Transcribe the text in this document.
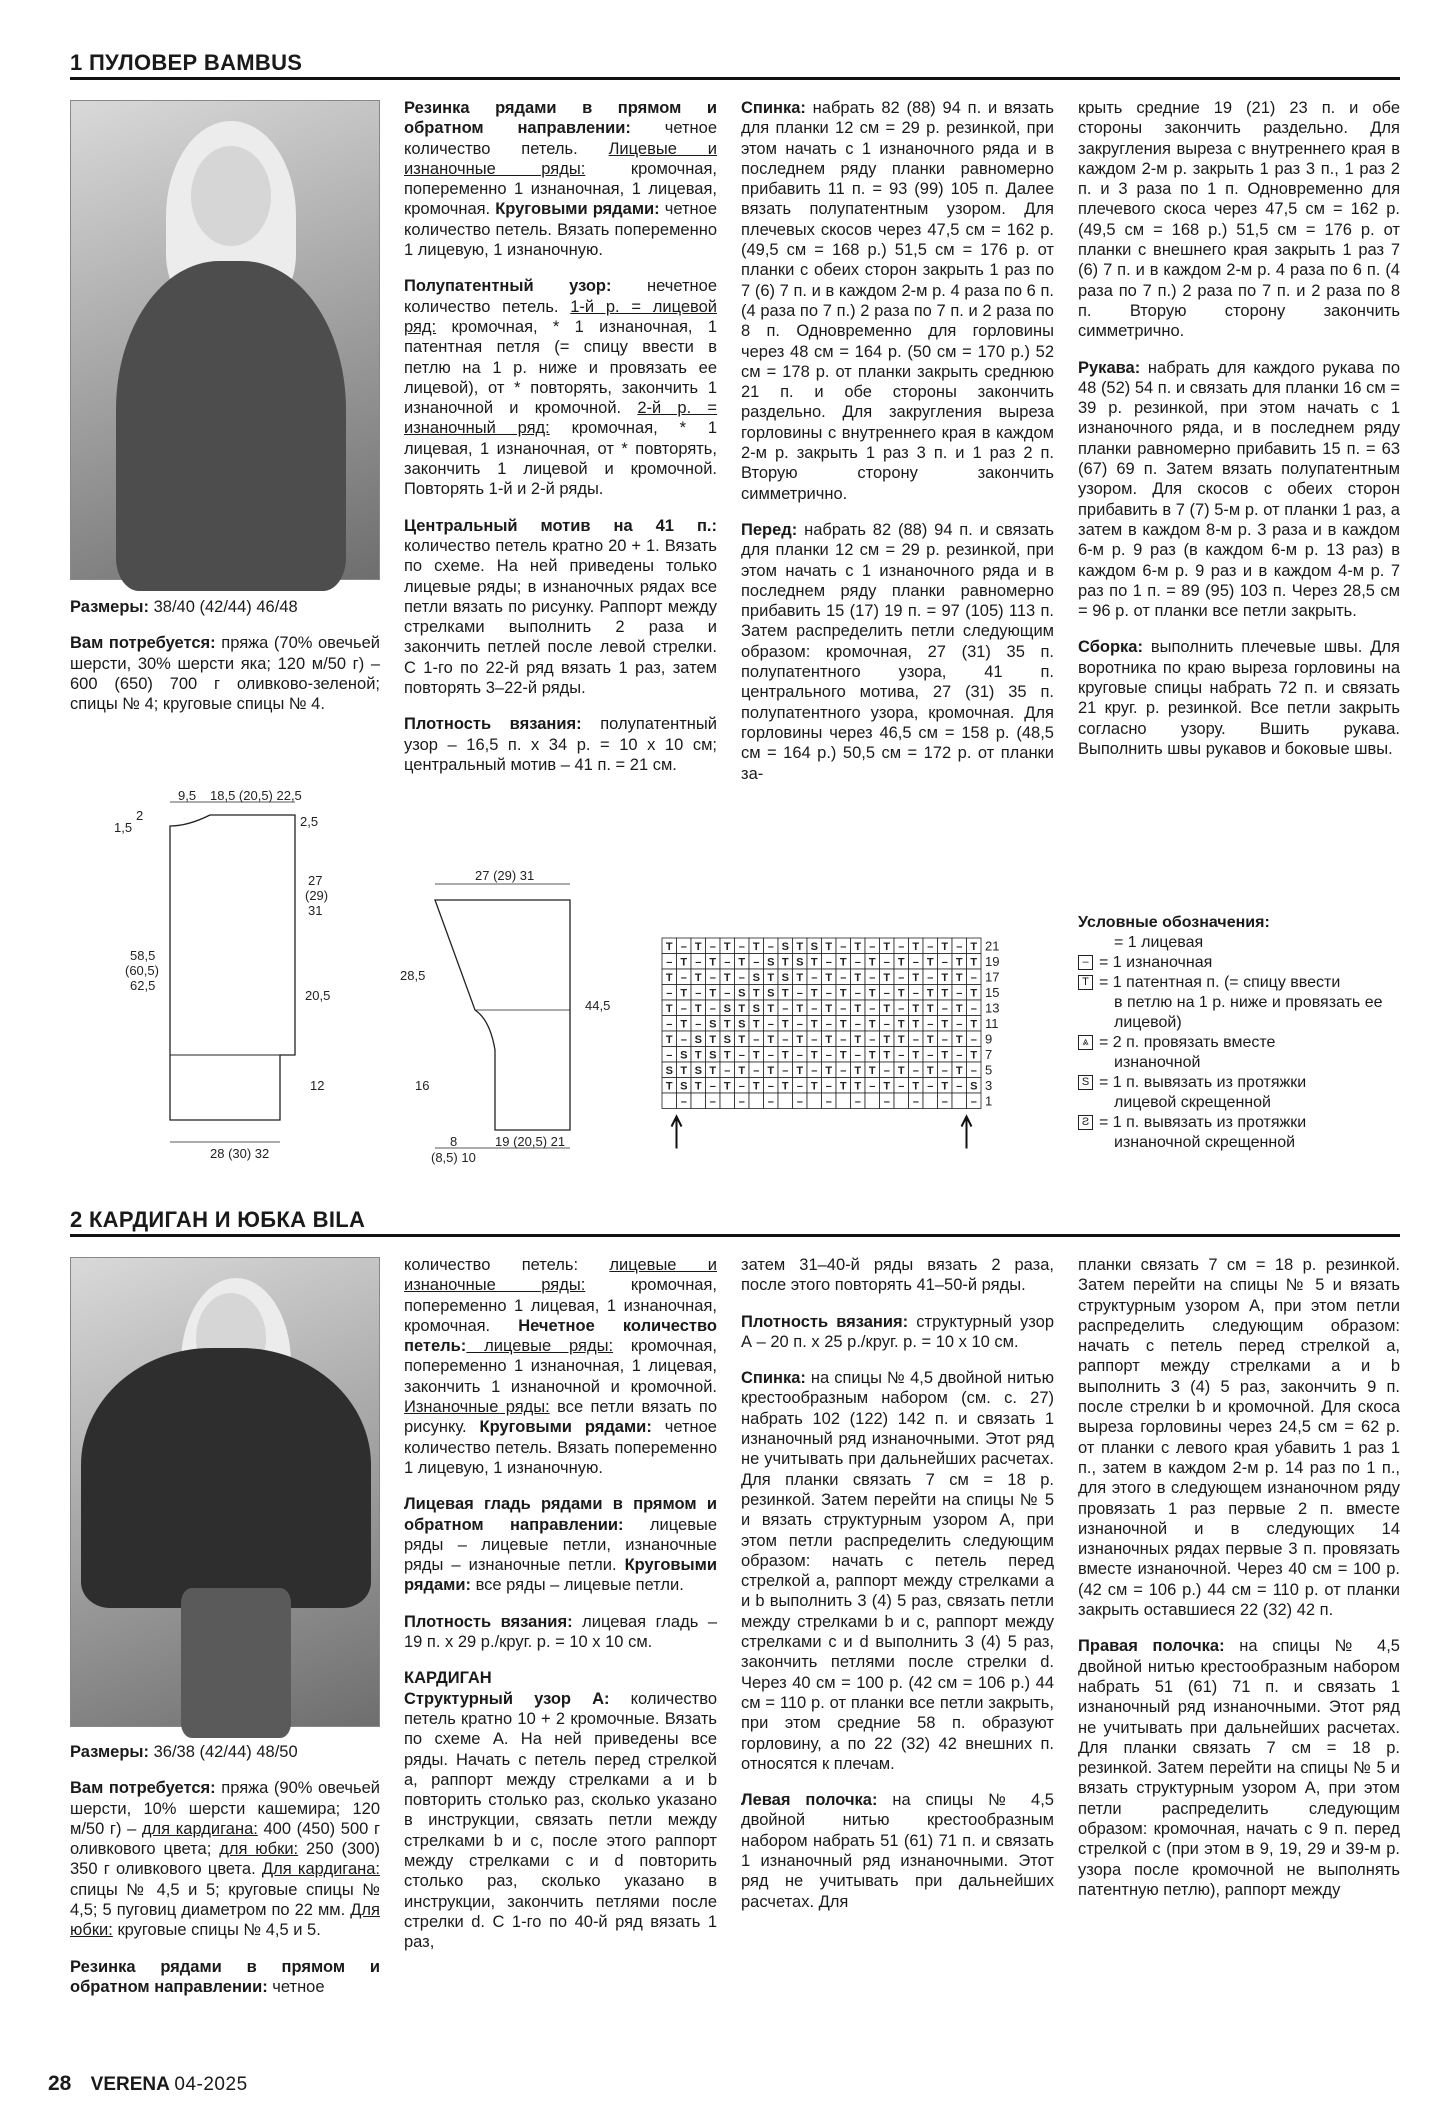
1 ПУЛОВЕР BAMBUS

Размеры: 38/40 (42/44) 46/48

Вам потребуется: пряжа (70% овечьей шерсти, 30% шерсти яка; 120 м/50 г) – 600 (650) 700 г оливково-зеленой; спицы № 4; круговые спицы № 4.

9,5 18,5 (20,5) 22,5
2
1,5	2,5
27
(29)
31
20,5
12
58,5
(60,5)
62,5
28 (30) 32

Резинка рядами в прямом и обратном направлении: четное количество петель. Лицевые и изнаночные ряды: кромочная, попеременно 1 изнаночная, 1 лицевая, кромочная. Круговыми рядами: четное количество петель. Вязать попеременно 1 лицевую, 1 изнаночную.

Полупатентный узор: нечетное количество петель. 1-й р. = лицевой ряд: кромочная, * 1 изнаночная, 1 патентная петля (= спицу ввести в петлю на 1 р. ниже и провязать ее лицевой), от * повторять, закончить 1 изнаночной и кромочной. 2-й р. = изнаночный ряд: кромочная, * 1 лицевая, 1 изнаночная, от * повторять, закончить 1 лицевой и кромочной. Повторять 1-й и 2-й ряды.

Центральный мотив на 41 п.: количество петель кратно 20 + 1. Вязать по схеме. На ней приведены только лицевые ряды; в изнаночных рядах все петли вязать по рисунку. Раппорт между стрелками выполнить 2 раза и закончить петлей после левой стрелки. С 1-го по 22-й ряд вязать 1 раз, затем повторять 3–22-й ряды.

Плотность вязания: полупатентный узор – 16,5 п. х 34 р. = 10 х 10 см; центральный мотив – 41 п. = 21 см.

27 (29) 31
28,5
16
44,5
8
(8,5) 10
19 (20,5) 21

Спинка: набрать 82 (88) 94 п. и вязать для планки 12 см = 29 р. резинкой, при этом начать с 1 изнаночного ряда и в последнем ряду планки равномерно прибавить 11 п. = 93 (99) 105 п. Далее вязать полупатентным узором. Для плечевых скосов через 47,5 см = 162 р. (49,5 см = 168 р.) 51,5 см = 176 р. от планки с обеих сторон закрыть 1 раз по 7 (6) 7 п. и в каждом 2-м р. 4 раза по 6 п. (4 раза по 7 п.) 2 раза по 7 п. и 2 раза по 8 п. Одновременно для горловины через 48 см = 164 р. (50 см = 170 р.) 52 см = 178 р. от планки закрыть среднюю 21 п. и обе стороны закончить раздельно. Для закругления выреза горловины с внутреннего края в каждом 2-м р. закрыть 1 раз 3 п. и 1 раз 2 п. Вторую сторону закончить симметрично.

Перед: набрать 82 (88) 94 п. и связать для планки 12 см = 29 р. резинкой, при этом начать с 1 изнаночного ряда и в последнем ряду планки равномерно прибавить 15 (17) 19 п. = 97 (105) 113 п. Затем распределить петли следующим образом: кромочная, 27 (31) 35 п. полупатентного узора, 41 п. центрального мотива, 27 (31) 35 п. полупатентного узора, кромочная. Для горловины через 46,5 см = 158 р. (48,5 см = 164 р.) 50,5 см = 172 р. от планки за-

T – T – T – T – S T S T – T – T – T – T – T 21
– T – T – T – S T S T – T – T – T – T – T T 19
T – T – T – S T S T – T – T – T – T – T T – 17
– T – T – S T S T – T – T – T – T – T T – T 15
T – T – S T S T – T – T – T – T – T T – T – 13
– T – S T S T – T – T – T – T – T T – T – T 11
T – S T S T – T – T – T – T – T T – T – T – 9
– S T S T – T – T – T – T – T T – T – T – T 7
S T S T – T – T – T – T – T T – T – T – T – 5
T S T – T – T – T – T – T T – T – T – T – S 3
– – – – – – – – – – – 1

крыть средние 19 (21) 23 п. и обе стороны закончить раздельно. Для закругления выреза с внутреннего края в каждом 2-м р. закрыть 1 раз 3 п., 1 раз 2 п. и 3 раза по 1 п. Одновременно для плечевого скоса через 47,5 см = 162 р. (49,5 см = 168 р.) 51,5 см = 176 р. от планки с внешнего края закрыть 1 раз 7 (6) 7 п. и в каждом 2-м р. 4 раза по 6 п. (4 раза по 7 п.) 2 раза по 7 п. и 2 раза по 8 п. Вторую сторону закончить симметрично.

Рукава: набрать для каждого рукава по 48 (52) 54 п. и связать для планки 16 см = 39 р. резинкой, при этом начать с 1 изнаночного ряда, и в последнем ряду планки равномерно прибавить 15 п. = 63 (67) 69 п. Затем вязать полупатентным узором. Для скосов с обеих сторон прибавить в 7 (7) 5-м р. от планки 1 раз, а затем в каждом 8-м р. 3 раза и в каждом 6-м р. 9 раз (в каждом 6-м р. 13 раз) в каждом 6-м р. 9 раз и в каждом 4-м р. 7 раз по 1 п. = 89 (95) 103 п. Через 28,5 см = 96 р. от планки все петли закрыть.

Сборка: выполнить плечевые швы. Для воротника по краю выреза горловины на круговые спицы набрать 72 п. и связать 21 круг. р. резинкой. Все петли закрыть согласно узору. Вшить рукава. Выполнить швы рукавов и боковые швы.

Условные обозначения:
= 1 лицевая
– = 1 изнаночная
T = 1 патентная п. (= спицу ввести
в петлю на 1 р. ниже и провязать ее лицевой)
⩓ = 2 п. провязать вместе
изнаночной
S = 1 п. вывязать из протяжки
лицевой скрещенной
Ƨ = 1 п. вывязать из протяжки
изнаночной скрещенной
2 КАРДИГАН И ЮБКА BILA

Размеры: 36/38 (42/44) 48/50

Вам потребуется: пряжа (90% овечьей шерсти, 10% шерсти кашемира; 120 м/50 г) – для кардигана: 400 (450) 500 г оливкового цвета; для юбки: 250 (300) 350 г оливкового цвета. Для кардигана: спицы № 4,5 и 5; круговые спицы № 4,5; 5 пуговиц диаметром по 22 мм. Для юбки: круговые спицы № 4,5 и 5.

Резинка рядами в прямом и обратном направлении: четное

количество петель: лицевые и изнаночные ряды: кромочная, попеременно 1 лицевая, 1 изнаночная, кромочная. Нечетное количество петель: лицевые ряды: кромочная, попеременно 1 изнаночная, 1 лицевая, закончить 1 изнаночной и кромочной. Изнаночные ряды: все петли вязать по рисунку. Круговыми рядами: четное количество петель. Вязать попеременно 1 лицевую, 1 изнаночную.

Лицевая гладь рядами в прямом и обратном направлении: лицевые ряды – лицевые петли, изнаночные ряды – изнаночные петли. Круговыми рядами: все ряды – лицевые петли.

Плотность вязания: лицевая гладь – 19 п. х 29 р./круг. р. = 10 х 10 см.

КАРДИГАН
Структурный узор А: количество петель кратно 10 + 2 кромочные. Вязать по схеме А. На ней приведены все ряды. Начать с петель перед стрелкой а, раппорт между стрелками а и b повторить столько раз, сколько указано в инструкции, связать петли между стрелками b и c, после этого раппорт между стрелками c и d повторить столько раз, сколько указано в инструкции, закончить петлями после стрелки d. С 1-го по 40-й ряд вязать 1 раз,

затем 31–40-й ряды вязать 2 раза, после этого повторять 41–50-й ряды.

Плотность вязания: структурный узор А – 20 п. х 25 р./круг. р. = 10 х 10 см.

Спинка: на спицы № 4,5 двойной нитью крестообразным набором (см. с. 27) набрать 102 (122) 142 п. и связать 1 изнаночный ряд изнаночными. Этот ряд не учитывать при дальнейших расчетах. Для планки связать 7 см = 18 р. резинкой. Затем перейти на спицы № 5 и вязать структурным узором А, при этом петли распределить следующим образом: начать с петель перед стрелкой а, раппорт между стрелками а и b выполнить 3 (4) 5 раз, связать петли между стрелками b и c, раппорт между стрелками c и d выполнить 3 (4) 5 раз, закончить петлями после стрелки d. Через 40 см = 100 р. (42 см = 106 р.) 44 см = 110 р. от планки все петли закрыть, при этом средние 58 п. образуют горловину, а по 22 (32) 42 внешних п. относятся к плечам.

Левая полочка: на спицы № 4,5 двойной нитью крестообразным набором набрать 51 (61) 71 п. и связать 1 изнаночный ряд изнаночными. Этот ряд не учитывать при дальнейших расчетах. Для

планки связать 7 см = 18 р. резинкой. Затем перейти на спицы № 5 и вязать структурным узором А, при этом петли распределить следующим образом: начать с петель перед стрелкой а, раппорт между стрелками а и b выполнить 3 (4) 5 раз, закончить 9 п. после стрелки b и кромочной. Для скоса выреза горловины через 24,5 см = 62 р. от планки с левого края убавить 1 раз 1 п., затем в каждом 2-м р. 14 раз по 1 п., для этого в следующем изнаночном ряду провязать 1 раз первые 2 п. вместе изнаночной и в следующих 14 изнаночных рядах первые 3 п. провязать вместе изнаночной. Через 40 см = 100 р. (42 см = 106 р.) 44 см = 110 р. от планки закрыть оставшиеся 22 (32) 42 п.

Правая полочка: на спицы № 4,5 двойной нитью крестообразным набором набрать 51 (61) 71 п. и связать 1 изнаночный ряд изнаночными. Этот ряд не учитывать при дальнейших расчетах. Для планки связать 7 см = 18 р. резинкой. Затем перейти на спицы № 5 и вязать структурным узором А, при этом петли распределить следующим образом: кромочная, начать с 9 п. перед стрелкой с (при этом в 9, 19, 29 и 39-м р. узора после кромочной не выполнять патентную петлю), раппорт между

28 VERENA 04-2025
